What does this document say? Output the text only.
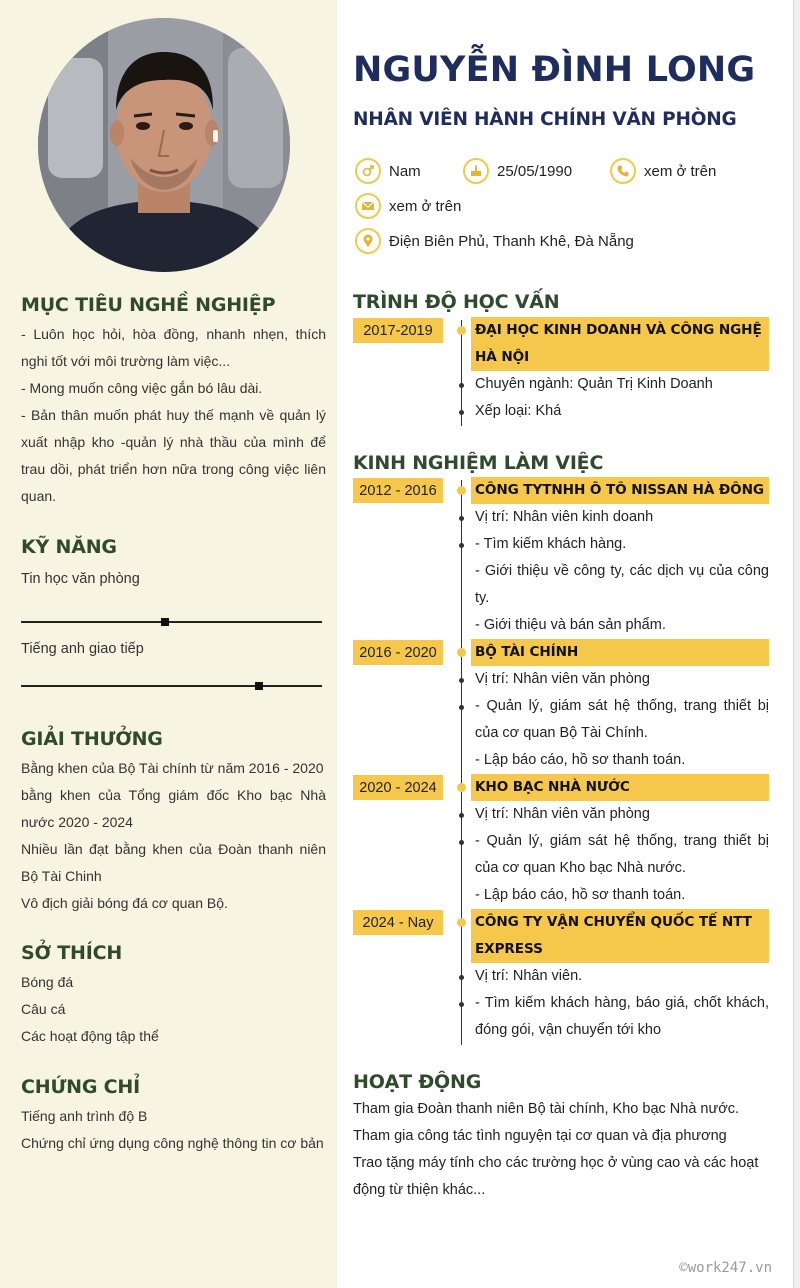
MỤC TIÊU NGHỀ NGHIỆP

- Luôn học hỏi, hòa đồng, nhanh nhẹn, thích nghi tốt với môi trường làm việc...

- Mong muốn công việc gắn bó lâu dài.

- Bản thân muốn phát huy thế mạnh về quản lý xuất nhập kho -quản lý nhà thầu của mình để trau dồi, phát triển hơn nữa trong công việc liên quan.

KỸ NĂNG
Tin học văn phòng
Tiếng anh giao tiếp
GIẢI THƯỞNG

Bằng khen của Bộ Tài chính từ năm 2016 - 2020

bằng khen của Tổng giám đốc Kho bạc Nhà nước 2020 - 2024

Nhiều lần đạt bằng khen của Đoàn thanh niên Bộ Tài Chinh

Vô địch giải bóng đá cơ quan Bộ.

SỞ THÍCH

Bóng đá

Câu cá

Các hoạt động tập thể

CHỨNG CHỈ

Tiếng anh trình độ B

Chứng chỉ ứng dụng công nghệ thông tin cơ bản

NGUYỄN ĐÌNH LONG
NHÂN VIÊN HÀNH CHÍNH VĂN PHÒNG
Nam	25/05/1990	xem ở trên
xem ở trên
Điện Biên Phủ, Thanh Khê, Đà Nẵng
TRÌNH ĐỘ HỌC VẤN
2017-2019	ĐẠI HỌC KINH DOANH VÀ CÔNG NGHỆ HÀ NỘI
Chuyên ngành: Quản Trị Kinh Doanh
Xếp loại: Khá
KINH NGHIỆM LÀM VIỆC
2012 - 2016	CÔNG TYTNHH Ô TÔ NISSAN HÀ ĐÔNG
Vị trí: Nhân viên kinh doanh
- Tìm kiếm khách hàng.
- Giới thiệu về công ty, các dịch vụ của công ty.
- Giới thiệu và bán sản phẩm.
2016 - 2020	BỘ TÀI CHÍNH
Vị trí: Nhân viên văn phòng
- Quản lý, giám sát hệ thống, trang thiết bị của cơ quan Bộ Tài Chính.
- Lập báo cáo, hồ sơ thanh toán.
2020 - 2024	KHO BẠC NHÀ NƯỚC
Vị trí: Nhân viên văn phòng
- Quản lý, giám sát hệ thống, trang thiết bị của cơ quan Kho bạc Nhà nước.
- Lập báo cáo, hồ sơ thanh toán.
2024 - Nay	CÔNG TY VẬN CHUYỂN QUỐC TẾ NTT EXPRESS
Vị trí: Nhân viên.
- Tìm kiếm khách hàng, báo giá, chốt khách, đóng gói, vận chuyển tới kho
HOẠT ĐỘNG

Tham gia Đoàn thanh niên Bộ tài chính, Kho bạc Nhà nước.

Tham gia công tác tình nguyện tại cơ quan và địa phương

Trao tặng máy tính cho các trường học ở vùng cao và các hoạt động từ thiện khác...

©work247.vn
